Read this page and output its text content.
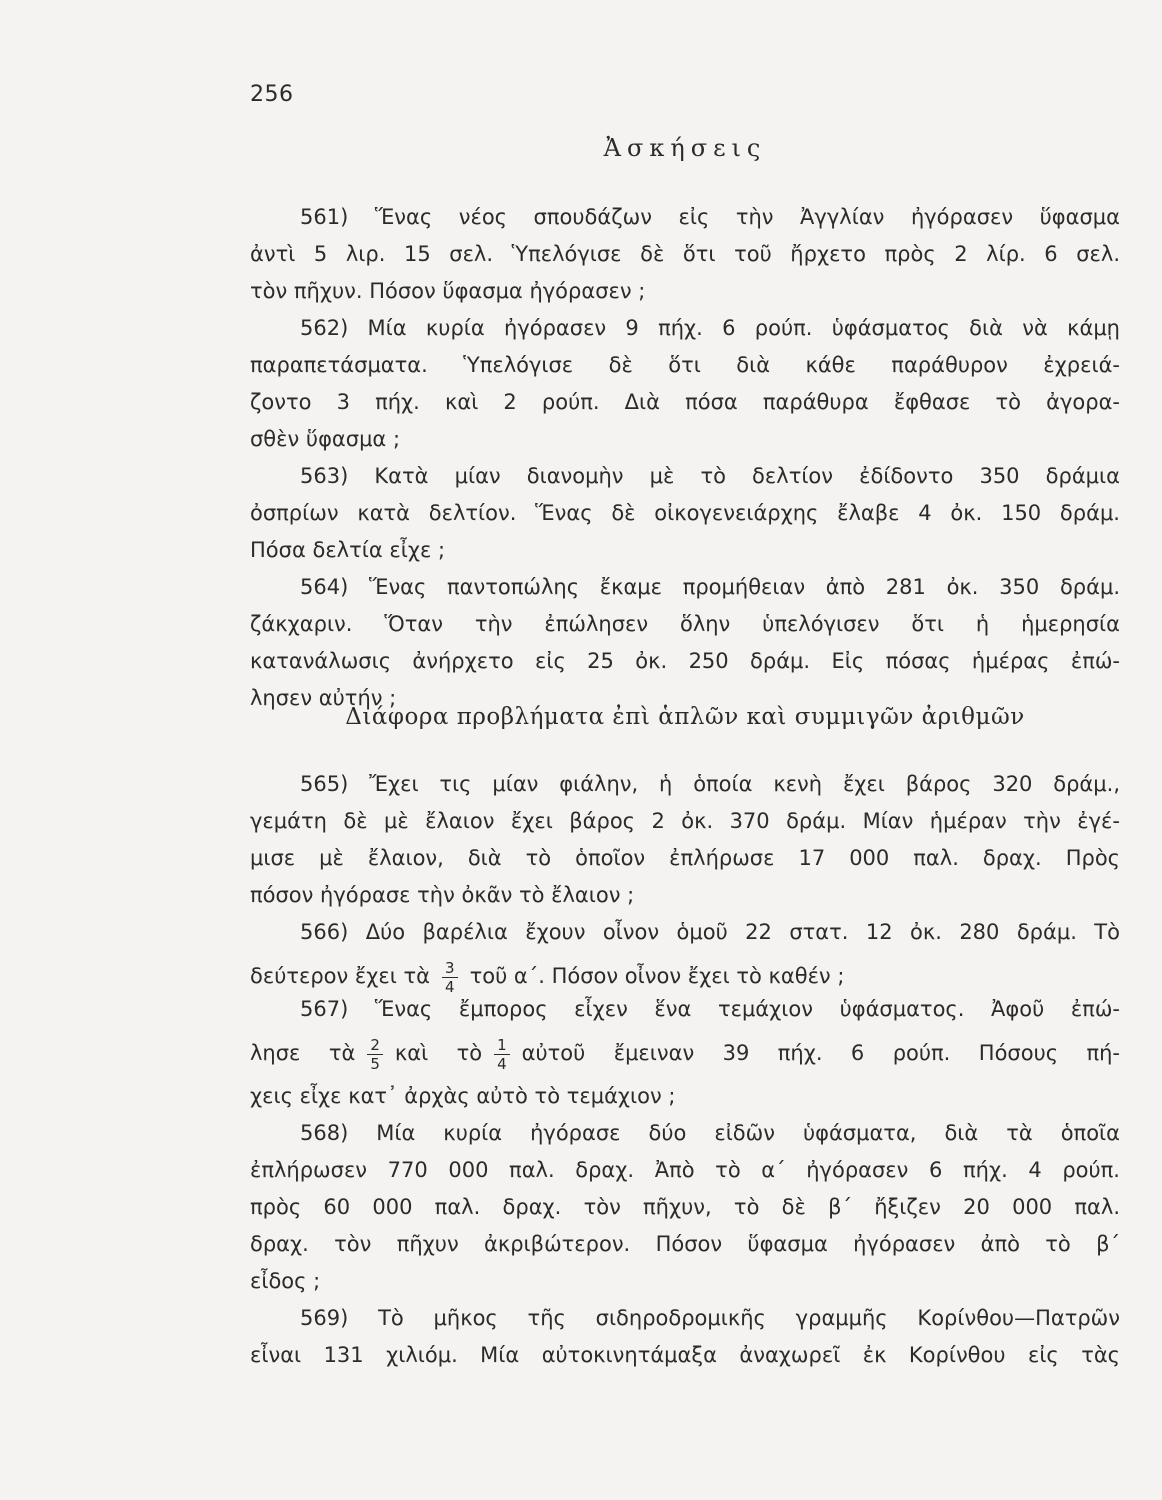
256
Ἀσκήσεις
561) Ἕνας νέος σπουδάζων εἰς τὴν Ἀγγλίαν ἠγόρασεν ὕφασμα
ἀντὶ 5 λιρ. 15 σελ. Ὑπελόγισε δὲ ὅτι τοῦ ἤρχετο πρὸς 2 λίρ. 6 σελ.
τὸν πῆχυν. Πόσον ὕφασμα ἠγόρασεν ;
562) Μία κυρία ἠγόρασεν 9 πήχ. 6 ρούπ. ὑφάσματος διὰ νὰ κάμῃ
παραπετάσματα. Ὑπελόγισε δὲ ὅτι διὰ κάθε παράθυρον ἐχρειά-
ζοντο 3 πήχ. καὶ 2 ρούπ. Διὰ πόσα παράθυρα ἔφθασε τὸ ἀγορα-
σθὲν ὕφασμα ;
563) Κατὰ μίαν διανομὴν μὲ τὸ δελτίον ἐδίδοντο 350 δράμια
ὀσπρίων κατὰ δελτίον. Ἕνας δὲ οἰκογενειάρχης ἔλαβε 4 ὀκ. 150 δράμ.
Πόσα δελτία εἶχε ;
564) Ἕνας παντοπώλης ἔκαμε προμήθειαν ἀπὸ 281 ὀκ. 350 δράμ.
ζάκχαριν. Ὅταν τὴν ἐπώλησεν ὅλην ὑπελόγισεν ὅτι ἡ ἡμερησία
κατανάλωσις ἀνήρχετο εἰς 25 ὀκ. 250 δράμ. Εἰς πόσας ἡμέρας ἐπώ-
λησεν αὐτήν ;
Διάφορα προβλήματα ἐπὶ ἁπλῶν καὶ συμμιγῶν ἀριθμῶν
565) Ἔχει τις μίαν φιάλην, ἡ ὁποία κενὴ ἔχει βάρος 320 δράμ.,
γεμάτη δὲ μὲ ἔλαιον ἔχει βάρος 2 ὀκ. 370 δράμ. Μίαν ἡμέραν τὴν ἐγέ-
μισε μὲ ἔλαιον, διὰ τὸ ὁποῖον ἐπλήρωσε 17 000 παλ. δραχ. Πρὸς
πόσον ἠγόρασε τὴν ὀκᾶν τὸ ἔλαιον ;
566) Δύο βαρέλια ἔχουν οἶνον ὁμοῦ 22 στατ. 12 ὀκ. 280 δράμ. Τὸ
δεύτερον ἔχει τὰ $\frac{3}{4}$ τοῦ α΄. Πόσον οἶνον ἔχει τὸ καθέν ;
567) Ἕνας ἔμπορος εἶχεν ἕνα τεμάχιον ὑφάσματος. Ἀφοῦ ἐπώ-
λησε τὰ $\frac{2}{5}$ καὶ τὸ $\frac{1}{4}$ αὐτοῦ ἔμειναν 39 πήχ. 6 ρούπ. Πόσους πή-
χεις εἶχε κατ᾽ ἀρχὰς αὐτὸ τὸ τεμάχιον ;
568) Μία κυρία ἠγόρασε δύο εἰδῶν ὑφάσματα, διὰ τὰ ὁποῖα
ἐπλήρωσεν 770 000 παλ. δραχ. Ἀπὸ τὸ α΄ ἠγόρασεν 6 πήχ. 4 ρούπ.
πρὸς 60 000 παλ. δραχ. τὸν πῆχυν, τὸ δὲ β΄ ἤξιζεν 20 000 παλ.
δραχ. τὸν πῆχυν ἀκριβώτερον. Πόσον ὕφασμα ἠγόρασεν ἀπὸ τὸ β΄
εἶδος ;
569) Τὸ μῆκος τῆς σιδηροδρομικῆς γραμμῆς Κορίνθου—Πατρῶν
εἶναι 131 χιλιόμ. Μία αὐτοκινητάμαξα ἀναχωρεῖ ἐκ Κορίνθου εἰς τὰς
